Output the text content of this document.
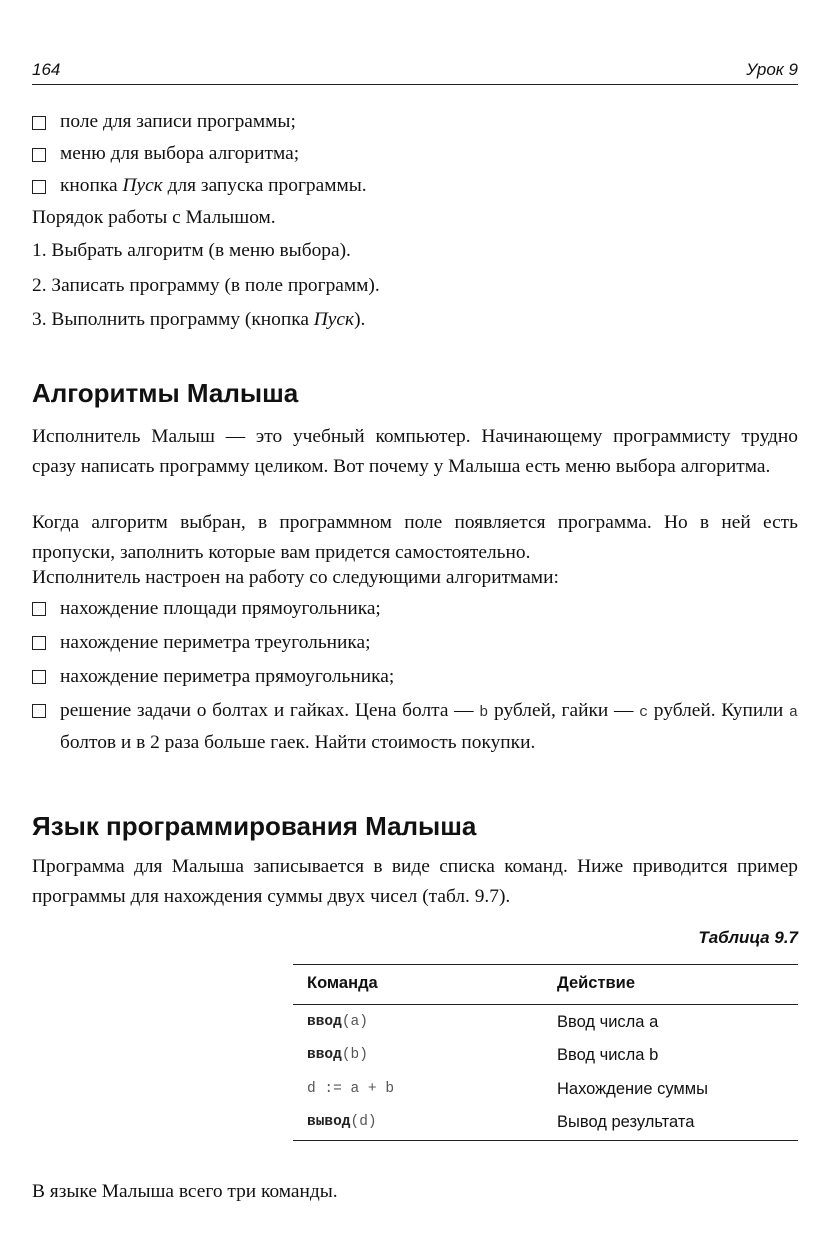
164	Урок 9
поле для записи программы;
меню для выбора алгоритма;
кнопка Пуск для запуска программы.
Порядок работы с Малышом.
1. Выбрать алгоритм (в меню выбора).
2. Записать программу (в поле программ).
3. Выполнить программу (кнопка Пуск).
Алгоритмы Малыша
Исполнитель Малыш — это учебный компьютер. Начинающему программисту трудно сразу написать программу целиком. Вот почему у Малыша есть меню выбора алгоритма.
Когда алгоритм выбран, в программном поле появляется программа. Но в ней есть пропуски, заполнить которые вам придется самостоятельно.
Исполнитель настроен на работу со следующими алгоритмами:
нахождение площади прямоугольника;
нахождение периметра треугольника;
нахождение периметра прямоугольника;
решение задачи о болтах и гайках. Цена болта — b рублей, гайки — c рублей. Купили a болтов и в 2 раза больше гаек. Найти стоимость покупки.
Язык программирования Малыша
Программа для Малыша записывается в виде списка команд. Ниже приводится пример программы для нахождения суммы двух чисел (табл. 9.7).
Таблица 9.7
Команда	Действие
ввод(a)	Ввод числа a
ввод(b)	Ввод числа b
d := a + b	Нахождение суммы
вывод(d)	Вывод результата
В языке Малыша всего три команды.
